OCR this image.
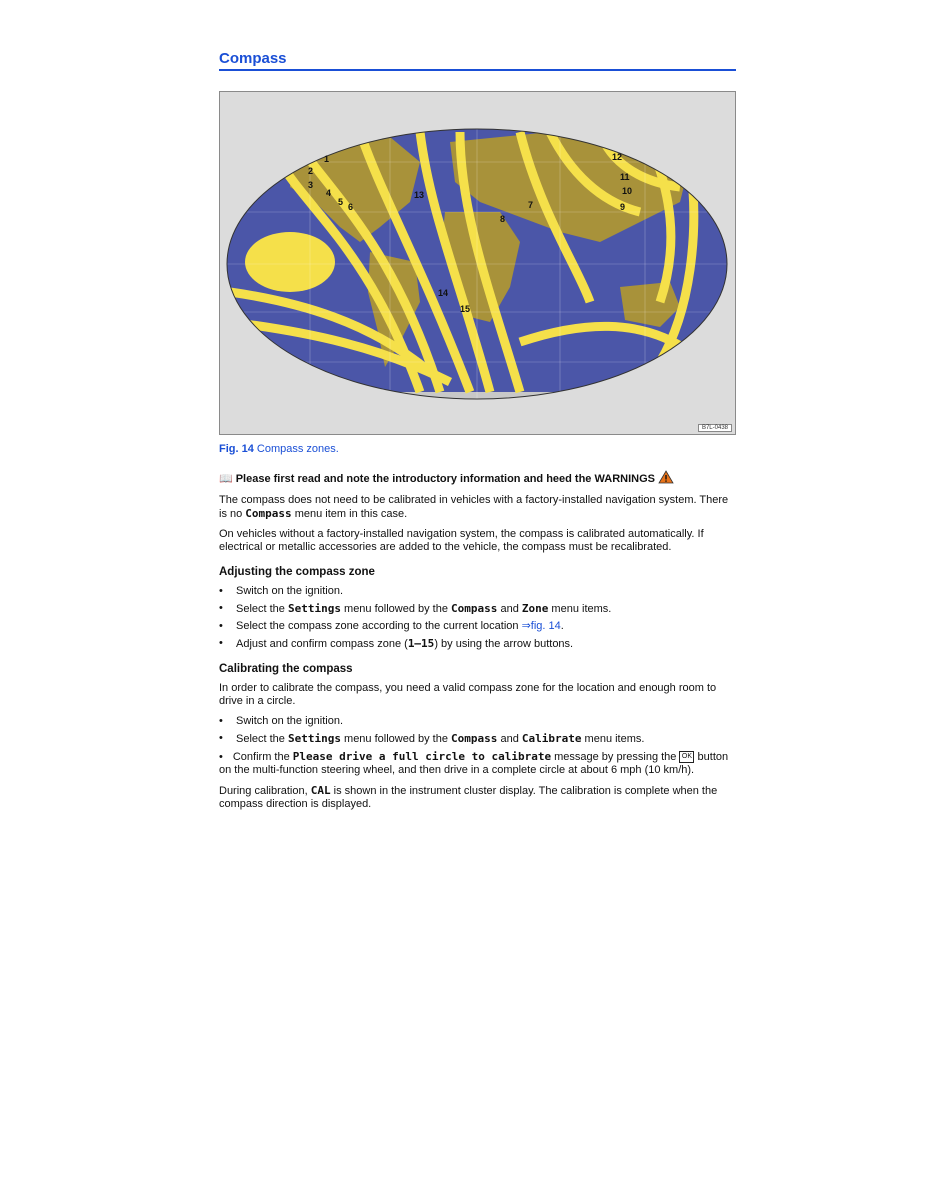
Compass
1
2
3
4
5 6	7
8
9
10
11
12
13
14
15
B7L-0438
Fig. 14 Compass zones.
📖 Please first read and note the introductory information and heed the WARNINGS

The compass does not need to be calibrated in vehicles with a factory-installed navigation system. There is no Compass menu item in this case.

On vehicles without a factory-installed navigation system, the compass is calibrated automatically. If electrical or metallic accessories are added to the vehicle, the compass must be recalibrated.

Adjusting the compass zone
• Switch on the ignition.
• Select the Settings menu followed by the Compass and Zone menu items.
• Select the compass zone according to the current location ⇒fig. 14.
• Adjust and confirm compass zone (1–15) by using the arrow buttons.
Calibrating the compass

In order to calibrate the compass, you need a valid compass zone for the location and enough room to drive in a circle.

• Switch on the ignition.
• Select the Settings menu followed by the Compass and Calibrate menu items.
• Confirm the Please drive a full circle to calibrate message by pressing the OK button on the multi-function steering wheel, and then drive in a complete circle at about 6 mph (10 km/h).

During calibration, CAL is shown in the instrument cluster display. The calibration is complete when the compass direction is displayed.
